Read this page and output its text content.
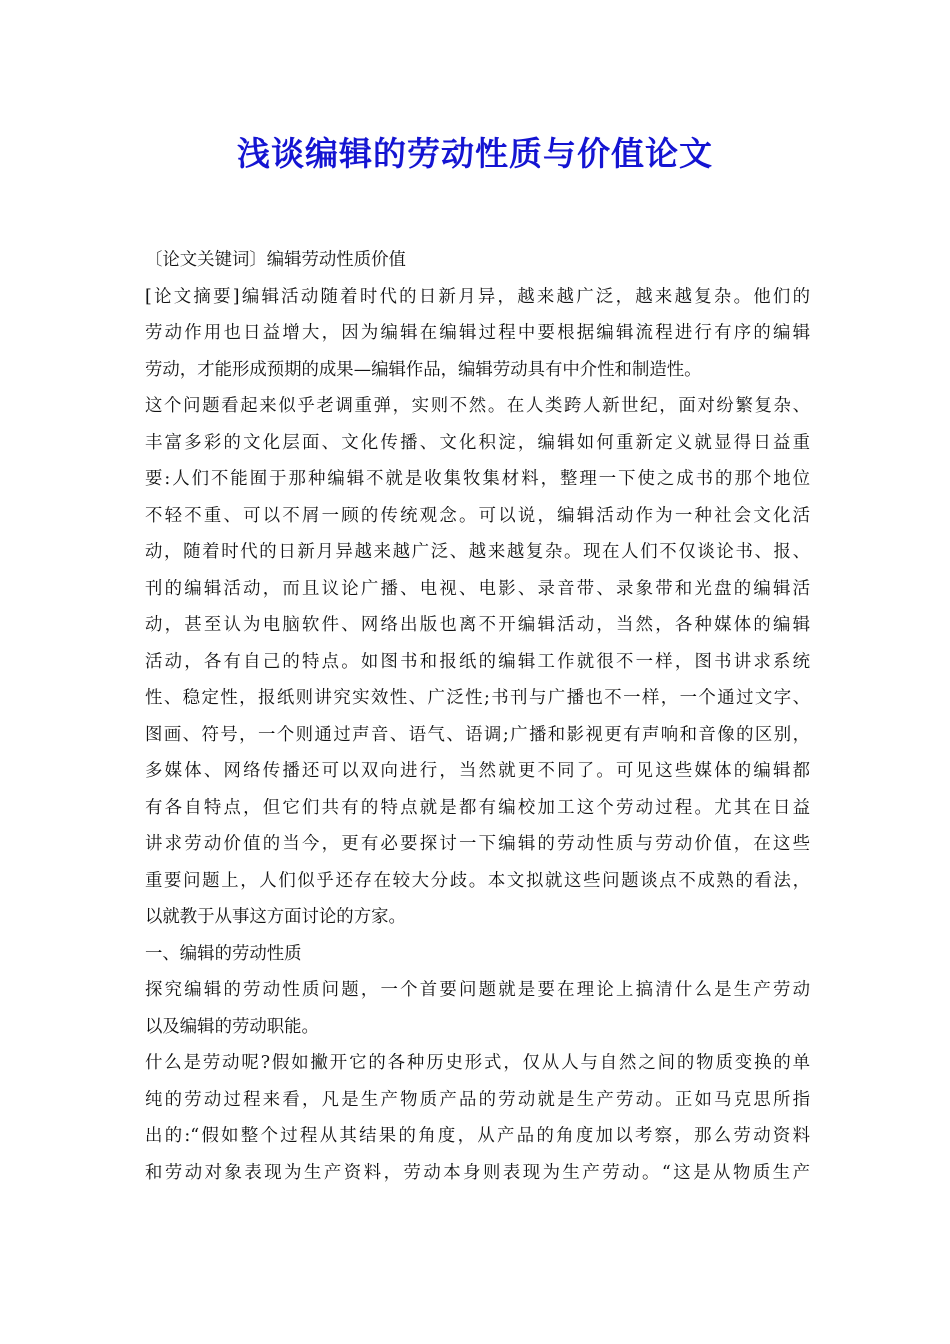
浅谈编辑的劳动性质与价值论文
〔论文关键词〕编辑劳动性质价值
[论文摘要]编辑活动随着时代的日新月异，越来越广泛，越来越复杂。他们的
劳动作用也日益增大，因为编辑在编辑过程中要根据编辑流程进行有序的编辑
劳动，才能形成预期的成果—编辑作品，编辑劳动具有中介性和制造性。
这个问题看起来似乎老调重弹，实则不然。在人类跨人新世纪，面对纷繁复杂、
丰富多彩的文化层面、文化传播、文化积淀，编辑如何重新定义就显得日益重
要:人们不能囿于那种编辑不就是收集牧集材料，整理一下使之成书的那个地位
不轻不重、可以不屑一顾的传统观念。可以说，编辑活动作为一种社会文化活
动，随着时代的日新月异越来越广泛、越来越复杂。现在人们不仅谈论书、报、
刊的编辑活动，而且议论广播、电视、电影、录音带、录象带和光盘的编辑活
动，甚至认为电脑软件、网络出版也离不开编辑活动，当然，各种媒体的编辑
活动，各有自己的特点。如图书和报纸的编辑工作就很不一样，图书讲求系统
性、稳定性，报纸则讲究实效性、广泛性;书刊与广播也不一样，一个通过文字、
图画、符号，一个则通过声音、语气、语调;广播和影视更有声响和音像的区别，
多媒体、网络传播还可以双向进行，当然就更不同了。可见这些媒体的编辑都
有各自特点，但它们共有的特点就是都有编校加工这个劳动过程。尤其在日益
讲求劳动价值的当今，更有必要探讨一下编辑的劳动性质与劳动价值，在这些
重要问题上，人们似乎还存在较大分歧。本文拟就这些问题谈点不成熟的看法，
以就教于从事这方面讨论的方家。
一、编辑的劳动性质
探究编辑的劳动性质问题，一个首要问题就是要在理论上搞清什么是生产劳动
以及编辑的劳动职能。
什么是劳动呢?假如撇开它的各种历史形式，仅从人与自然之间的物质变换的单
纯的劳动过程来看，凡是生产物质产品的劳动就是生产劳动。正如马克思所指
出的:“假如整个过程从其结果的角度，从产品的角度加以考察，那么劳动资料
和劳动对象表现为生产资料，劳动本身则表现为生产劳动。“这是从物质生产
